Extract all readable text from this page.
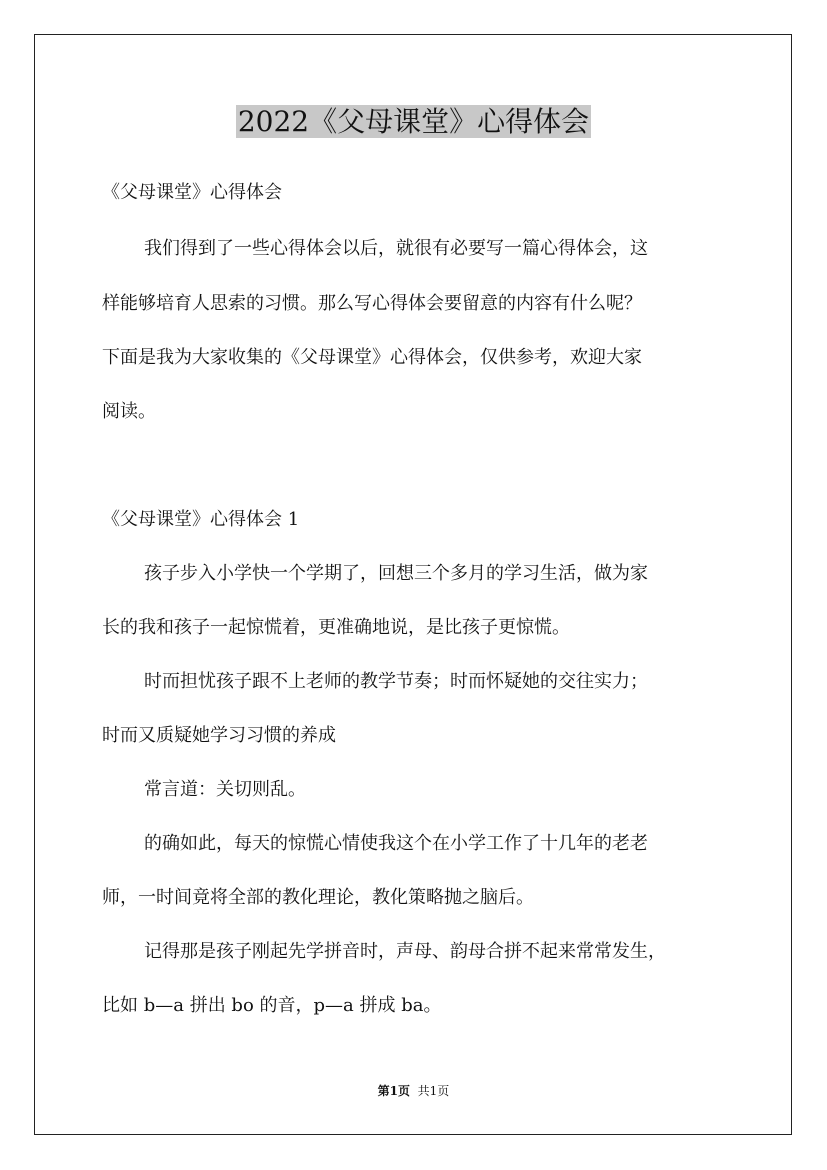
2022《父母课堂》心得体会
《父母课堂》心得体会
我们得到了一些心得体会以后，就很有必要写一篇心得体会，这
样能够培育人思索的习惯。那么写心得体会要留意的内容有什么呢？
下面是我为大家收集的《父母课堂》心得体会，仅供参考，欢迎大家
阅读。
《父母课堂》心得体会 1
孩子步入小学快一个学期了，回想三个多月的学习生活，做为家
长的我和孩子一起惊慌着，更准确地说，是比孩子更惊慌。
时而担忧孩子跟不上老师的教学节奏；时而怀疑她的交往实力；
时而又质疑她学习习惯的养成
常言道：关切则乱。
的确如此，每天的惊慌心情使我这个在小学工作了十几年的老老
师，一时间竟将全部的教化理论，教化策略抛之脑后。
记得那是孩子刚起先学拼音时，声母、韵母合拼不起来常常发生，
比如 b—a 拼出 bo 的音，p—a 拼成 ba。
第1页 共1页
